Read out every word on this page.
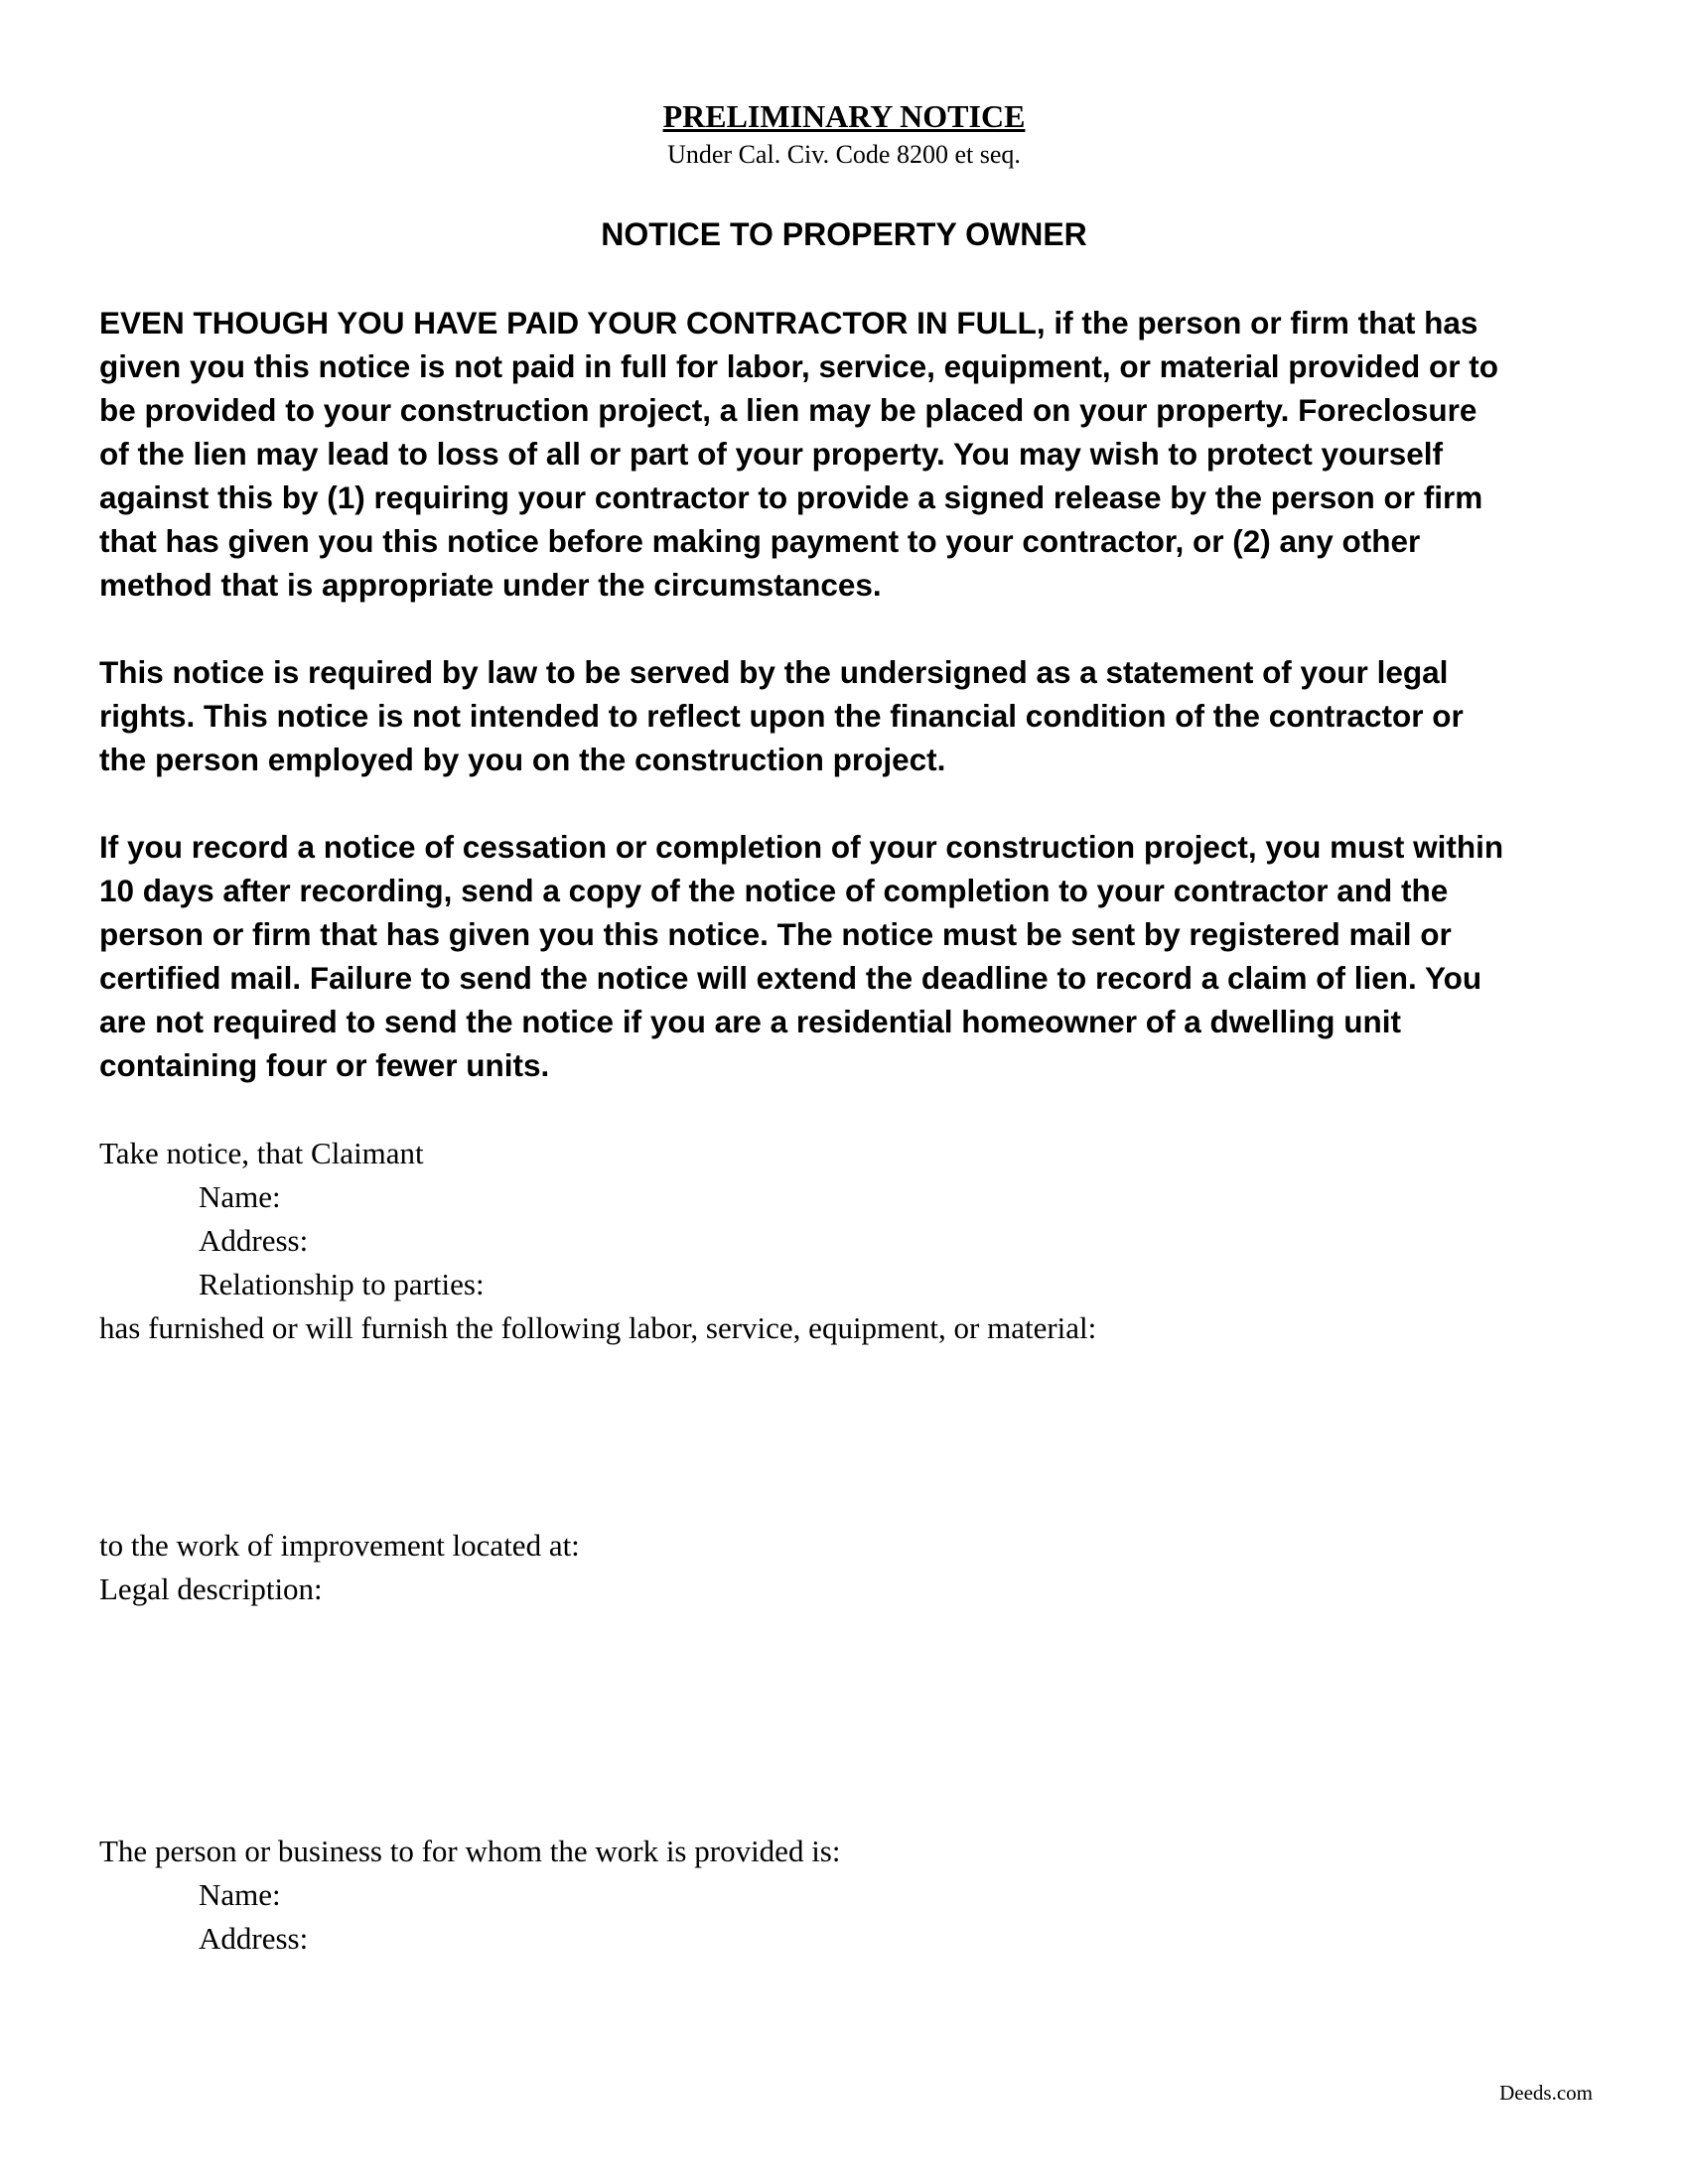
PRELIMINARY NOTICE
Under Cal. Civ. Code 8200 et seq.
NOTICE TO PROPERTY OWNER
EVEN THOUGH YOU HAVE PAID YOUR CONTRACTOR IN FULL, if the person or firm that has
given you this notice is not paid in full for labor, service, equipment, or material provided or to
be provided to your construction project, a lien may be placed on your property. Foreclosure
of the lien may lead to loss of all or part of your property. You may wish to protect yourself
against this by (1) requiring your contractor to provide a signed release by the person or firm
that has given you this notice before making payment to your contractor, or (2) any other
method that is appropriate under the circumstances.
This notice is required by law to be served by the undersigned as a statement of your legal
rights. This notice is not intended to reflect upon the financial condition of the contractor or
the person employed by you on the construction project.
If you record a notice of cessation or completion of your construction project, you must within
10 days after recording, send a copy of the notice of completion to your contractor and the
person or firm that has given you this notice. The notice must be sent by registered mail or
certified mail. Failure to send the notice will extend the deadline to record a claim of lien. You
are not required to send the notice if you are a residential homeowner of a dwelling unit
containing four or fewer units.
Take notice, that Claimant
Name:
Address:
Relationship to parties:
has furnished or will furnish the following labor, service, equipment, or material:
to the work of improvement located at:
Legal description:
The person or business to for whom the work is provided is:
Name:
Address:
Deeds.com
